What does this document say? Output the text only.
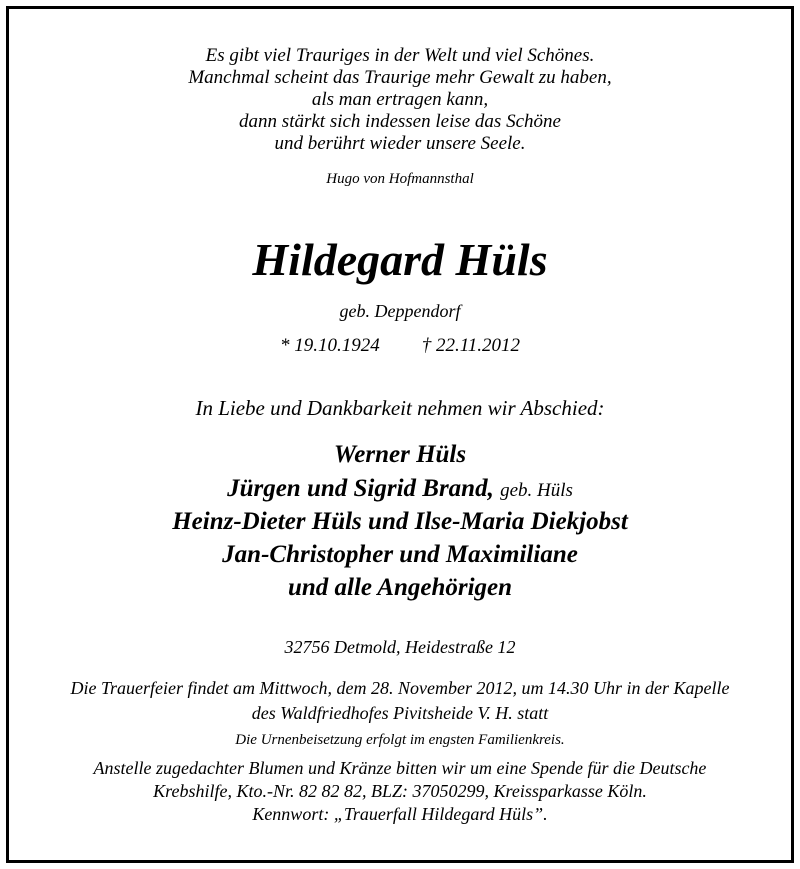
Es gibt viel Trauriges in der Welt und viel Schönes.
Manchmal scheint das Traurige mehr Gewalt zu haben,
als man ertragen kann,
dann stärkt sich indessen leise das Schöne
und berührt wieder unsere Seele.
Hugo von Hofmannsthal
Hildegard Hüls
geb. Deppendorf
* 19.10.1924 † 22.11.2012
In Liebe und Dankbarkeit nehmen wir Abschied:
Werner Hüls
Jürgen und Sigrid Brand, geb. Hüls
Heinz-Dieter Hüls und Ilse-Maria Diekjobst
Jan-Christopher und Maximiliane
und alle Angehörigen
32756 Detmold, Heidestraße 12
Die Trauerfeier findet am Mittwoch, dem 28. November 2012, um 14.30 Uhr in der Kapelle
des Waldfriedhofes Pivitsheide V. H. statt
Die Urnenbeisetzung erfolgt im engsten Familienkreis.
Anstelle zugedachter Blumen und Kränze bitten wir um eine Spende für die Deutsche
Krebshilfe, Kto.-Nr. 82 82 82, BLZ: 37050299, Kreissparkasse Köln.
Kennwort: „Trauerfall Hildegard Hüls”.
